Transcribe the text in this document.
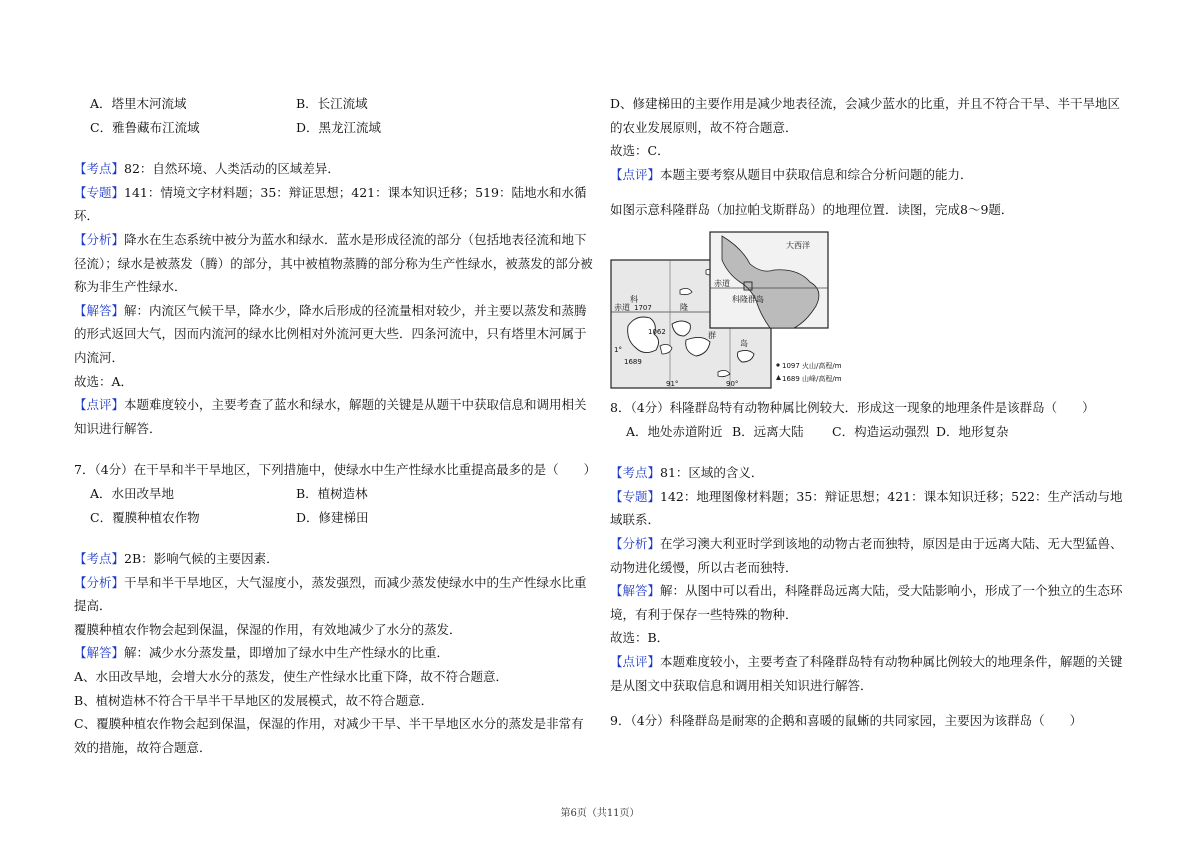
A．塔里木河流域	B．长江流域
C．雅鲁藏布江流域	D．黑龙江流域

【考点】82：自然环境、人类活动的区域差异．

【专题】141：情境文字材料题；35：辩证思想；421：课本知识迁移；519：陆地水和水循环．

【分析】降水在生态系统中被分为蓝水和绿水．蓝水是形成径流的部分（包括地表径流和地下径流）；绿水是被蒸发（腾）的部分，其中被植物蒸腾的部分称为生产性绿水，被蒸发的部分被称为非生产性绿水．

【解答】解：内流区气候干旱，降水少，降水后形成的径流量相对较少，并主要以蒸发和蒸腾的形式返回大气，因而内流河的绿水比例相对外流河更大些．四条河流中，只有塔里木河属于内流河．

故选：A．

【点评】本题难度较小，主要考查了蓝水和绿水，解题的关键是从题干中获取信息和调用相关知识进行解答．

7．（4分）在干旱和半干旱地区，下列措施中，使绿水中生产性绿水比重提高最多的是（　　）

A．水田改旱地	B．植树造林
C．覆膜种植农作物	D．修建梯田

【考点】2B：影响气候的主要因素．

【分析】干旱和半干旱地区，大气湿度小，蒸发强烈，而减少蒸发使绿水中的生产性绿水比重提高．

覆膜种植农作物会起到保温，保湿的作用，有效地减少了水分的蒸发．

【解答】解：减少水分蒸发量，即增加了绿水中生产性绿水的比重．

A、水田改旱地，会增大水分的蒸发，使生产性绿水比重下降，故不符合题意．

B、植树造林不符合干旱半干旱地区的发展模式，故不符合题意．

C、覆膜种植农作物会起到保温，保湿的作用，对减少干旱、半干旱地区水分的蒸发是非常有效的措施，故符合题意．

D、修建梯田的主要作用是减少地表径流，会减少蓝水的比重，并且不符合干旱、半干旱地区的农业发展原则，故不符合题意．

故选：C．

【点评】本题主要考察从题目中获取信息和综合分析问题的能力．

如图示意科隆群岛（加拉帕戈斯群岛）的地理位置．读图，完成8～9题．

大西洋
赤道
科隆群岛
赤道 1707
科
隆
群
岛
1062
1689
1°
91°	90°
1097 火山/高程/m
1689 山峰/高程/m

8．（4分）科隆群岛特有动物种属比例较大．形成这一现象的地理条件是该群岛（　　）

A．地处赤道附近 B．远离大陆	C．构造运动强烈 D．地形复杂

【考点】81：区域的含义．

【专题】142：地理图像材料题；35：辩证思想；421：课本知识迁移；522：生产活动与地域联系．

【分析】在学习澳大利亚时学到该地的动物古老而独特，原因是由于远离大陆、无大型猛兽、动物进化缓慢，所以古老而独特．

【解答】解：从图中可以看出，科隆群岛远离大陆，受大陆影响小，形成了一个独立的生态环境，有利于保存一些特殊的物种．

故选：B．

【点评】本题难度较小，主要考查了科隆群岛特有动物种属比例较大的地理条件，解题的关键是从图文中获取信息和调用相关知识进行解答．

9．（4分）科隆群岛是耐寒的企鹅和喜暖的鼠蜥的共同家园，主要因为该群岛（　　）

第6页（共11页）
